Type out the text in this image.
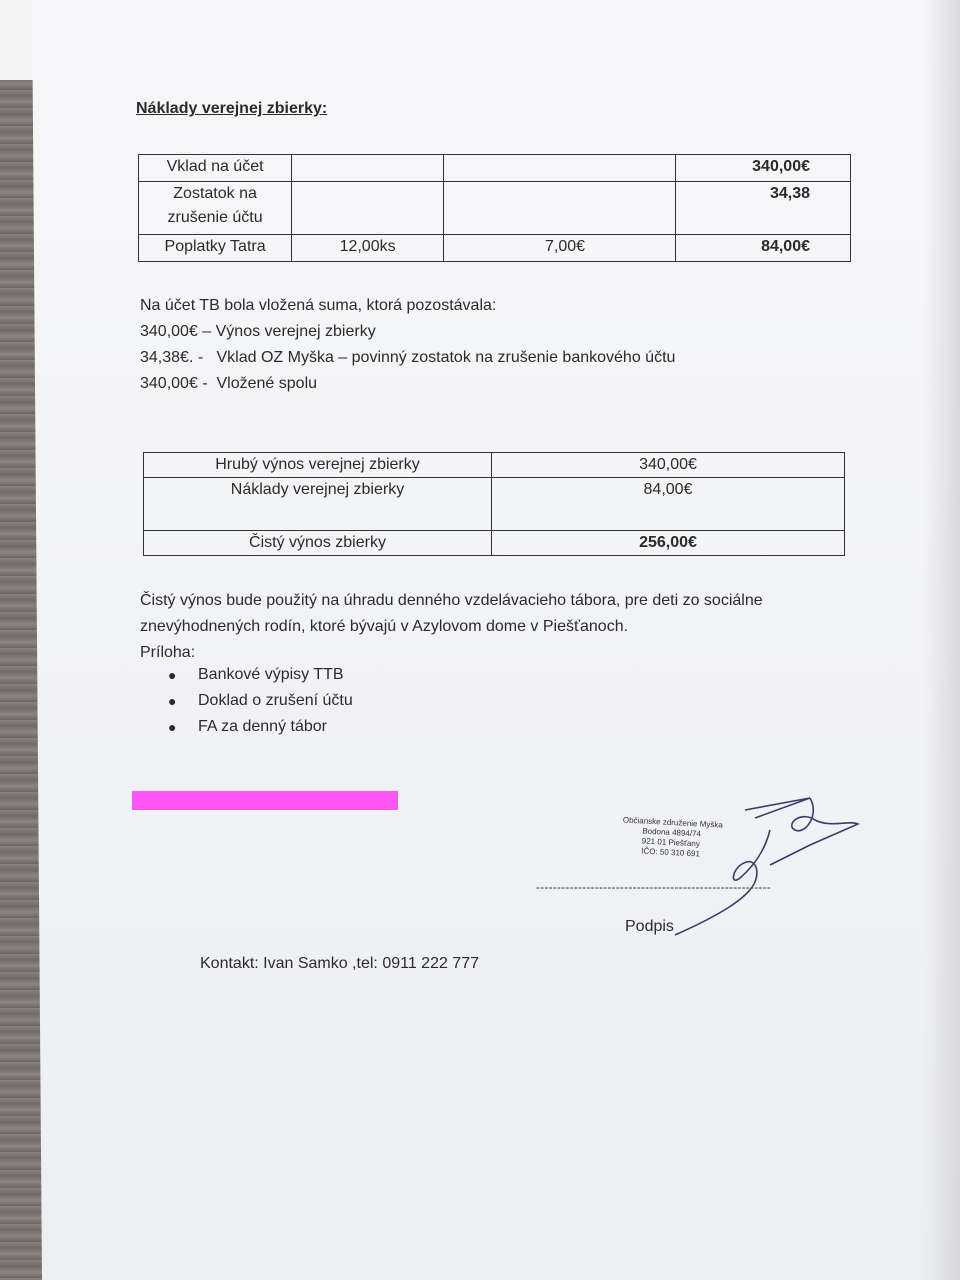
Náklady verejnej zbierky:
Vklad na účet			340,00€
Zostatok na zrušenie účtu			34,38
Poplatky Tatra	12,00ks	7,00€	84,00€
Na účet TB bola vložená suma, ktorá pozostávala:
340,00€ – Výnos verejnej zbierky
34,38€. -   Vklad OZ Myška – povinný zostatok na zrušenie bankového účtu
340,00€ -  Vložené spolu
Hrubý výnos verejnej zbierky	340,00€
Náklady verejnej zbierky	84,00€
Čistý výnos zbierky	256,00€
Čistý výnos bude použitý na úhradu denného vzdelávacieho tábora, pre deti zo sociálne
znevýhodnených rodín, ktoré bývajú v Azylovom dome v Piešťanoch.
Príloha:
●	Bankové výpisy TTB
●	Doklad o zrušení účtu
●	FA za denný tábor
Občianske združenie Myška
Bodona 4894/74
921 01 Piešťany
IČO: 50 310 691
--------------------------------------------------------
Podpis
Kontakt: Ivan Samko ,tel: 0911 222 777
